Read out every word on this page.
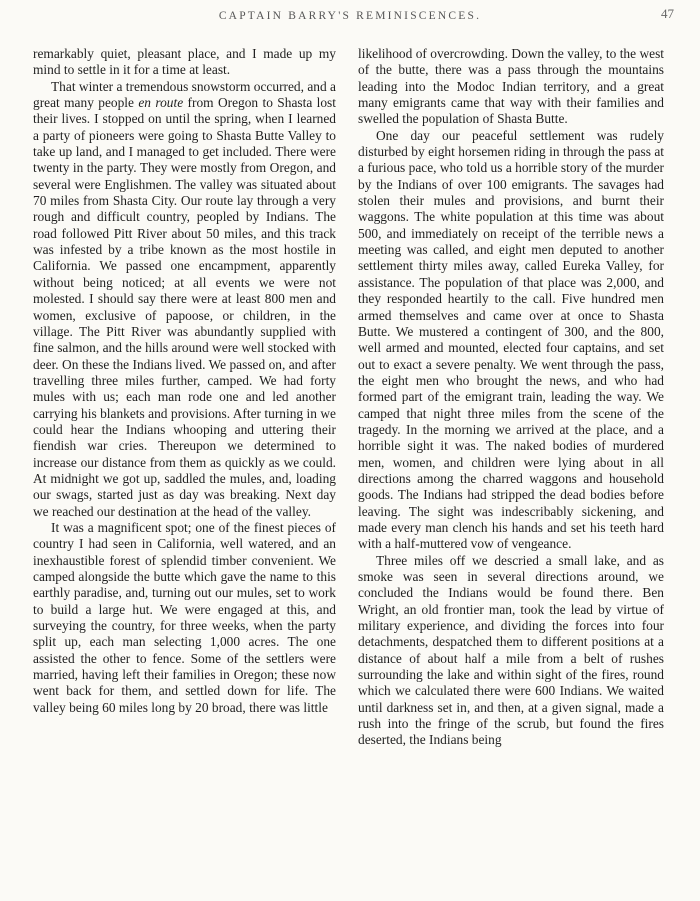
CAPTAIN BARRY'S REMINISCENCES.	47

remarkably quiet, pleasant place, and I made up my mind to settle in it for a time at least.

That winter a tremendous snowstorm occurred, and a great many people en route from Oregon to Shasta lost their lives. I stopped on until the spring, when I learned a party of pioneers were going to Shasta Butte Valley to take up land, and I managed to get included. There were twenty in the party. They were mostly from Oregon, and several were Englishmen. The valley was situated about 70 miles from Shasta City. Our route lay through a very rough and difficult country, peopled by Indians. The road followed Pitt River about 50 miles, and this track was infested by a tribe known as the most hostile in California. We passed one encampment, apparently without being noticed; at all events we were not molested. I should say there were at least 800 men and women, exclusive of papoose, or children, in the village. The Pitt River was abundantly supplied with fine salmon, and the hills around were well stocked with deer. On these the Indians lived. We passed on, and after travelling three miles further, camped. We had forty mules with us; each man rode one and led another carrying his blankets and provisions. After turning in we could hear the Indians whooping and uttering their fiendish war cries. Thereupon we determined to increase our distance from them as quickly as we could. At midnight we got up, saddled the mules, and, loading our swags, started just as day was breaking. Next day we reached our destination at the head of the valley.

It was a magnificent spot; one of the finest pieces of country I had seen in California, well watered, and an inexhaustible forest of splendid timber convenient. We camped alongside the butte which gave the name to this earthly paradise, and, turning out our mules, set to work to build a large hut. We were engaged at this, and surveying the country, for three weeks, when the party split up, each man selecting 1,000 acres. The one assisted the other to fence. Some of the settlers were married, having left their families in Oregon; these now went back for them, and settled down for life. The valley being 60 miles long by 20 broad, there was little

likelihood of overcrowding. Down the valley, to the west of the butte, there was a pass through the mountains leading into the Modoc Indian territory, and a great many emigrants came that way with their families and swelled the population of Shasta Butte.

One day our peaceful settlement was rudely disturbed by eight horsemen riding in through the pass at a furious pace, who told us a horrible story of the murder by the Indians of over 100 emigrants. The savages had stolen their mules and provisions, and burnt their waggons. The white population at this time was about 500, and immediately on receipt of the terrible news a meeting was called, and eight men deputed to another settlement thirty miles away, called Eureka Valley, for assistance. The population of that place was 2,000, and they responded heartily to the call. Five hundred men armed themselves and came over at once to Shasta Butte. We mustered a contingent of 300, and the 800, well armed and mounted, elected four captains, and set out to exact a severe penalty. We went through the pass, the eight men who brought the news, and who had formed part of the emigrant train, leading the way. We camped that night three miles from the scene of the tragedy. In the morning we arrived at the place, and a horrible sight it was. The naked bodies of murdered men, women, and children were lying about in all directions among the charred waggons and household goods. The Indians had stripped the dead bodies before leaving. The sight was indescribably sickening, and made every man clench his hands and set his teeth hard with a half-muttered vow of vengeance.

Three miles off we descried a small lake, and as smoke was seen in several directions around, we concluded the Indians would be found there. Ben Wright, an old frontier man, took the lead by virtue of military experience, and dividing the forces into four detachments, despatched them to different positions at a distance of about half a mile from a belt of rushes surrounding the lake and within sight of the fires, round which we calculated there were 600 Indians. We waited until darkness set in, and then, at a given signal, made a rush into the fringe of the scrub, but found the fires deserted, the Indians being
